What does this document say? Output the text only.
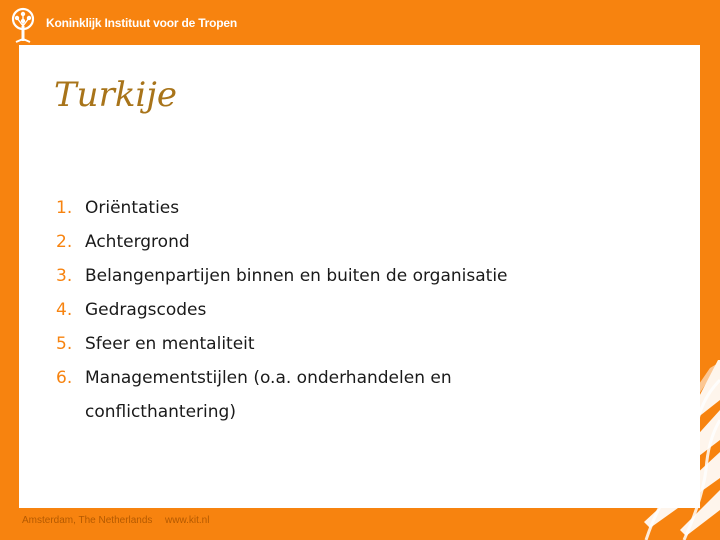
Koninklijk Instituut voor de Tropen
Turkije
1. Oriëntaties
2. Achtergrond
3. Belangenpartijen binnen en buiten de organisatie
4. Gedragscodes
5. Sfeer en mentaliteit
6. Managementstijlen (o.a. onderhandelen en
conflicthantering)
Amsterdam, The Netherlands www.kit.nl
